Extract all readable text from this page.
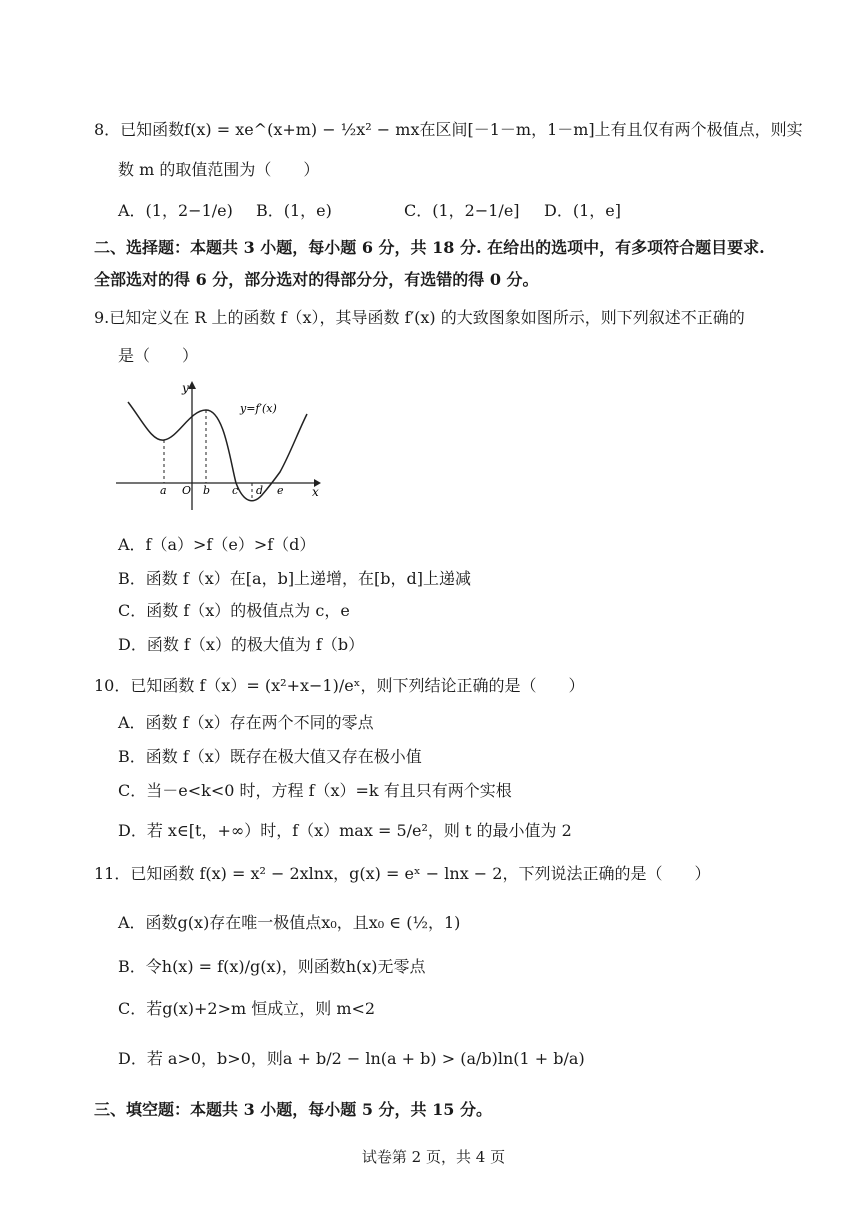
8．已知函数f(x) = xe^(x+m) − ½x² − mx在区间[－1－m，1－m]上有且仅有两个极值点，则实
数 m 的取值范围为（　　）
A．(1，2−1/e) B．(1，e)	C．(1，2−1/e] D．(1，e]
二、选择题：本题共 3 小题，每小题 6 分，共 18 分. 在给出的选项中，有多项符合题目要求.
全部选对的得 6 分，部分选对的得部分分，有选错的得 0 分。
9.已知定义在 R 上的函数 f（x），其导函数 f′(x) 的大致图象如图所示，则下列叙述不正确的
是（　　）
y
x
y=f′(x)
O
a	b c d e
A．f（a）>f（e）>f（d）
B．函数 f（x）在[a，b]上递增，在[b，d]上递减
C．函数 f（x）的极值点为 c，e
D．函数 f（x）的极大值为 f（b）
10．已知函数 f（x）= (x²+x−1)/eˣ，则下列结论正确的是（　　）
A．函数 f（x）存在两个不同的零点
B．函数 f（x）既存在极大值又存在极小值
C．当－e<k<0 时，方程 f（x）=k 有且只有两个实根
D．若 x∈[t，+∞）时，f（x）max = 5/e²，则 t 的最小值为 2
11．已知函数 f(x) = x² − 2xlnx，g(x) = eˣ − lnx − 2，下列说法正确的是（　　）
A．函数g(x)存在唯一极值点x₀，且x₀ ∈ (½，1)
B．令h(x) = f(x)/g(x)，则函数h(x)无零点
C．若g(x)+2>m 恒成立，则 m<2
D．若 a>0，b>0，则a + b/2 − ln(a + b) > (a/b)ln(1 + b/a)
三、填空题：本题共 3 小题，每小题 5 分，共 15 分。
试卷第 2 页，共 4 页
